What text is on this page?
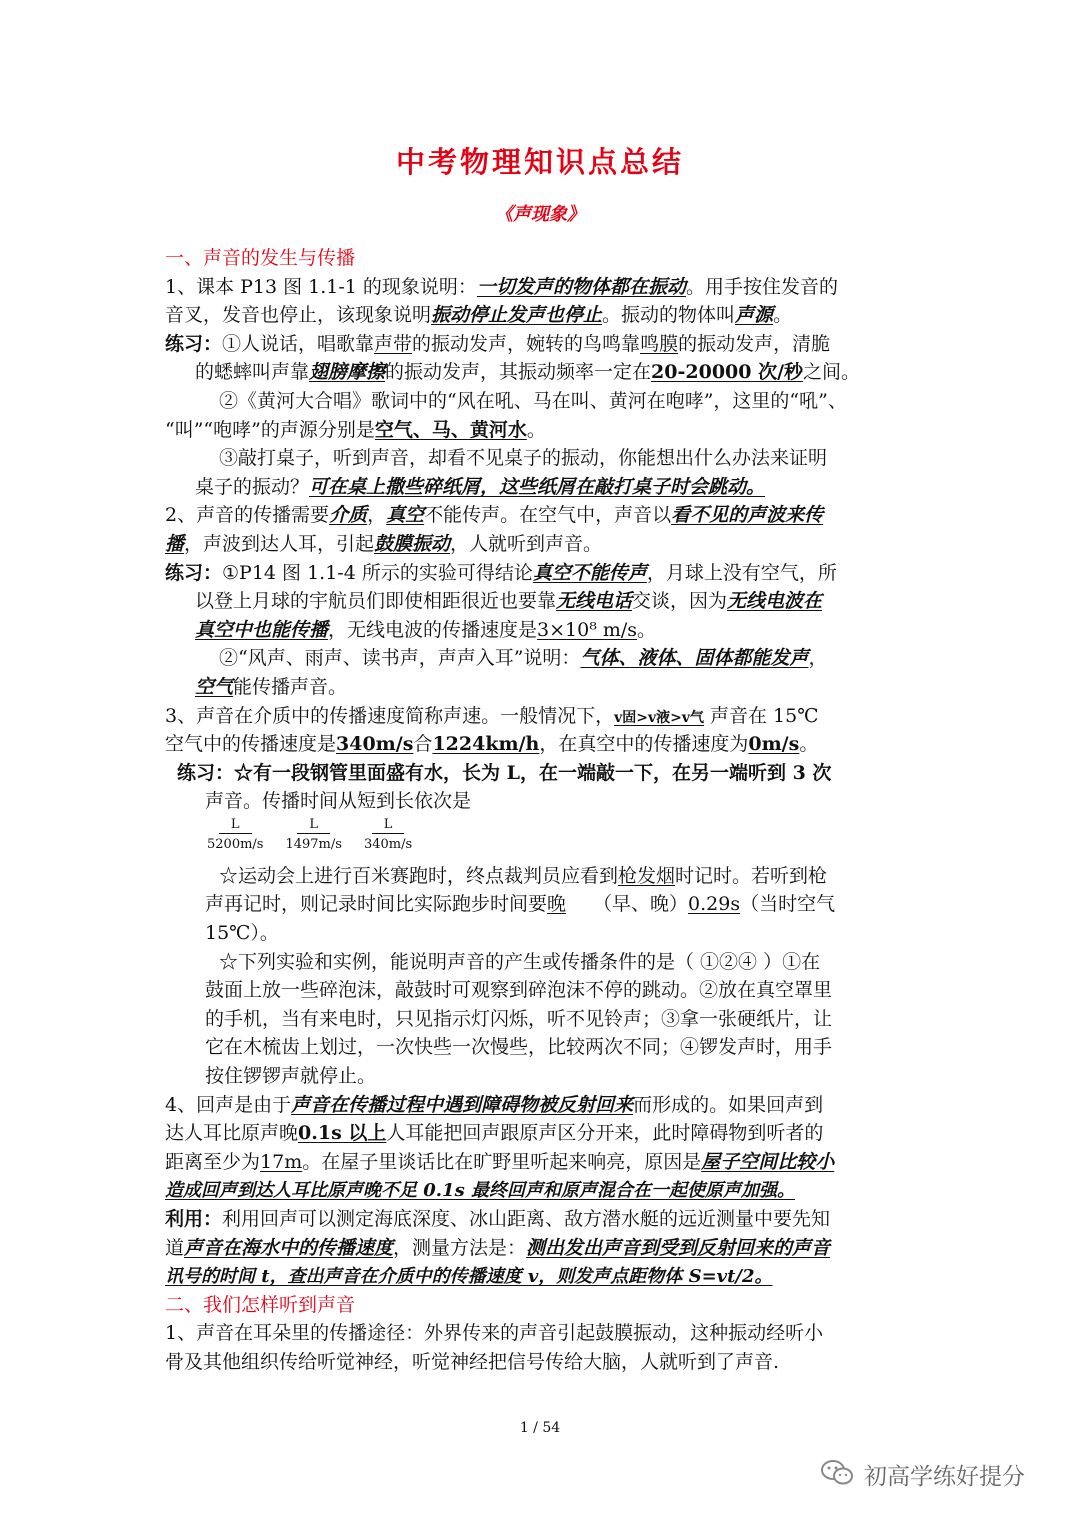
中考物理知识点总结
《声现象》
一、声音的发生与传播
1、课本 P13 图 1.1-1 的现象说明：一切发声的物体都在振动。用手按住发音的
音叉，发音也停止，该现象说明振动停止发声也停止。振动的物体叫声源。
练习：①人说话，唱歌靠声带的振动发声，婉转的鸟鸣靠鸣膜的振动发声，清脆
的蟋蟀叫声靠翅膀摩擦的振动发声，其振动频率一定在20-20000 次/秒之间。
②《黄河大合唱》歌词中的“风在吼、马在叫、黄河在咆哮”，这里的“吼”、
“叫”“咆哮”的声源分别是空气、马、黄河水。
③敲打桌子，听到声音，却看不见桌子的振动，你能想出什么办法来证明
桌子的振动？可在桌上撒些碎纸屑，这些纸屑在敲打桌子时会跳动。
2、声音的传播需要介质，真空不能传声。在空气中，声音以看不见的声波来传
播，声波到达人耳，引起鼓膜振动，人就听到声音。
练习：①P14 图 1.1-4 所示的实验可得结论真空不能传声，月球上没有空气，所
以登上月球的宇航员们即使相距很近也要靠无线电话交谈，因为无线电波在
真空中也能传播，无线电波的传播速度是3×10⁸ m/s。
②“风声、雨声、读书声，声声入耳”说明：气体、液体、固体都能发声，
空气能传播声音。
3、声音在介质中的传播速度简称声速。一般情况下，v固>v液>v气 声音在 15℃
空气中的传播速度是340m/s合1224km/h，在真空中的传播速度为0m/s。
练习：☆有一段钢管里面盛有水，长为 L，在一端敲一下，在另一端听到 3 次
声音。传播时间从短到长依次是
$\frac{L}{5200m/s} \frac{L}{1497m/s} \frac{L}{340m/s}$
☆运动会上进行百米赛跑时，终点裁判员应看到枪发烟时记时。若听到枪
声再记时，则记录时间比实际跑步时间要晚 （早、晚）0.29s（当时空气
15℃）。
☆下列实验和实例，能说明声音的产生或传播条件的是（ ①②④ ）①在
鼓面上放一些碎泡沫，敲鼓时可观察到碎泡沫不停的跳动。②放在真空罩里
的手机，当有来电时，只见指示灯闪烁，听不见铃声；③拿一张硬纸片，让
它在木梳齿上划过，一次快些一次慢些，比较两次不同；④锣发声时，用手
按住锣锣声就停止。
4、回声是由于声音在传播过程中遇到障碍物被反射回来而形成的。如果回声到
达人耳比原声晚0.1s 以上人耳能把回声跟原声区分开来，此时障碍物到听者的
距离至少为17m。在屋子里谈话比在旷野里听起来响亮，原因是屋子空间比较小
造成回声到达人耳比原声晚不足 0.1s 最终回声和原声混合在一起使原声加强。
利用：利用回声可以测定海底深度、冰山距离、敌方潜水艇的远近测量中要先知
道声音在海水中的传播速度，测量方法是：测出发出声音到受到反射回来的声音
讯号的时间 t，查出声音在介质中的传播速度 v，则发声点距物体 S=vt/2。
二、我们怎样听到声音
1、声音在耳朵里的传播途径：外界传来的声音引起鼓膜振动，这种振动经听小
骨及其他组织传给听觉神经，听觉神经把信号传给大脑，人就听到了声音.
1 / 54
初高学练好提分
